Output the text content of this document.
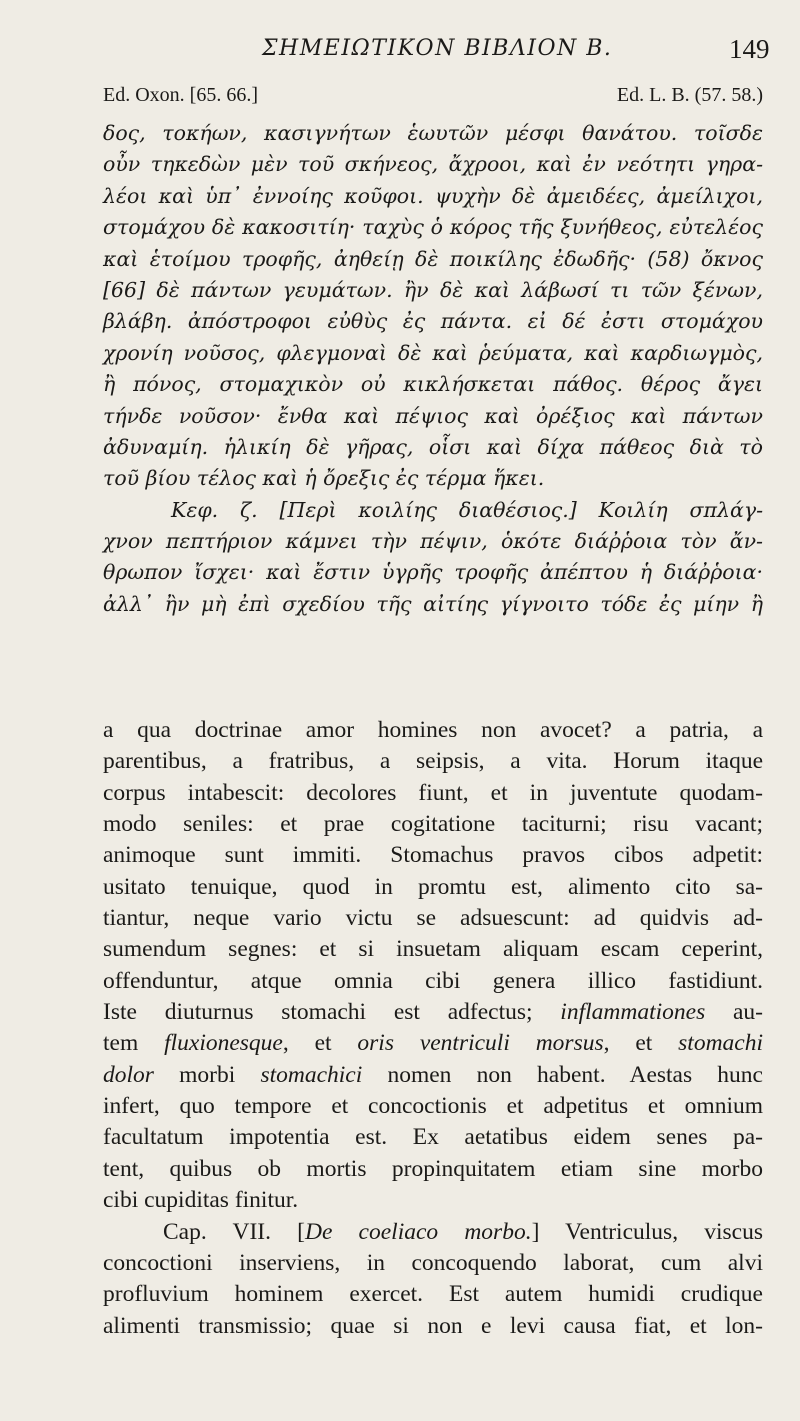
ΣΗΜΕΙΩΤΙΚΟΝ ΒΙΒΛΙΟΝ Β.	149
Ed. Oxon. [65. 66.]	Ed. L. B. (57. 58.)
δος, τοκήων, κασιγνήτων ἑωυτῶν μέσφι θανάτου. τοῖσδε
οὖν τηκεδὼν μὲν τοῦ σκήνεος, ἄχροοι, καὶ ἐν νεότητι γηρα-
λέοι καὶ ὑπ᾽ ἐννοίης κοῦφοι. ψυχὴν δὲ ἀμειδέες, ἀμείλιχοι,
στομάχου δὲ κακοσιτίη· ταχὺς ὁ κόρος τῆς ξυνήθεος, εὐτελέος
καὶ ἑτοίμου τροφῆς, ἀηθείῃ δὲ ποικίλης ἐδωδῆς· (58) ὄκνος
[66] δὲ πάντων γευμάτων. ἢν δὲ καὶ λάβωσί τι τῶν ξένων,
βλάβη. ἀπόστροφοι εὐθὺς ἐς πάντα. εἰ δέ ἐστι στομάχου
χρονίη νοῦσος, φλεγμοναὶ δὲ καὶ ῥεύματα, καὶ καρδιωγμὸς,
ἢ πόνος, στομαχικὸν οὐ κικλήσκεται πάθος. θέρος ἄγει
τήνδε νοῦσον· ἔνθα καὶ πέψιος καὶ ὀρέξιος καὶ πάντων
ἀδυναμίη. ἡλικίη δὲ γῆρας, οἷσι καὶ δίχα πάθεος διὰ τὸ
τοῦ βίου τέλος καὶ ἡ ὄρεξις ἐς τέρμα ἥκει.
Κεφ. ζ. [Περὶ κοιλίης διαθέσιος.] Κοιλίη σπλάγ-
χνον πεπτήριον κάμνει τὴν πέψιν, ὁκότε διάῤῥοια τὸν ἄν-
θρωπον ἴσχει· καὶ ἔστιν ὑγρῆς τροφῆς ἀπέπτου ἡ διάῤῥοια·
ἀλλ᾽ ἢν μὴ ἐπὶ σχεδίου τῆς αἰτίης γίγνοιτο τόδε ἐς μίην ἢ
a qua doctrinae amor homines non avocet? a patria, a
parentibus, a fratribus, a seipsis, a vita. Horum itaque
corpus intabescit: decolores fiunt, et in juventute quodam-
modo seniles: et prae cogitatione taciturni; risu vacant;
animoque sunt immiti. Stomachus pravos cibos adpetit:
usitato tenuique, quod in promtu est, alimento cito sa-
tiantur, neque vario victu se adsuescunt: ad quidvis ad-
sumendum segnes: et si insuetam aliquam escam ceperint,
offenduntur, atque omnia cibi genera illico fastidiunt.
Iste diuturnus stomachi est adfectus; inflammationes au-
tem fluxionesque, et oris ventriculi morsus, et stomachi
dolor morbi stomachici nomen non habent. Aestas hunc
infert, quo tempore et concoctionis et adpetitus et omnium
facultatum impotentia est. Ex aetatibus eidem senes pa-
tent, quibus ob mortis propinquitatem etiam sine morbo
cibi cupiditas finitur.
Cap. VII. [De coeliaco morbo.] Ventriculus, viscus
concoctioni inserviens, in concoquendo laborat, cum alvi
profluvium hominem exercet. Est autem humidi crudique
alimenti transmissio; quae si non e levi causa fiat, et lon-
